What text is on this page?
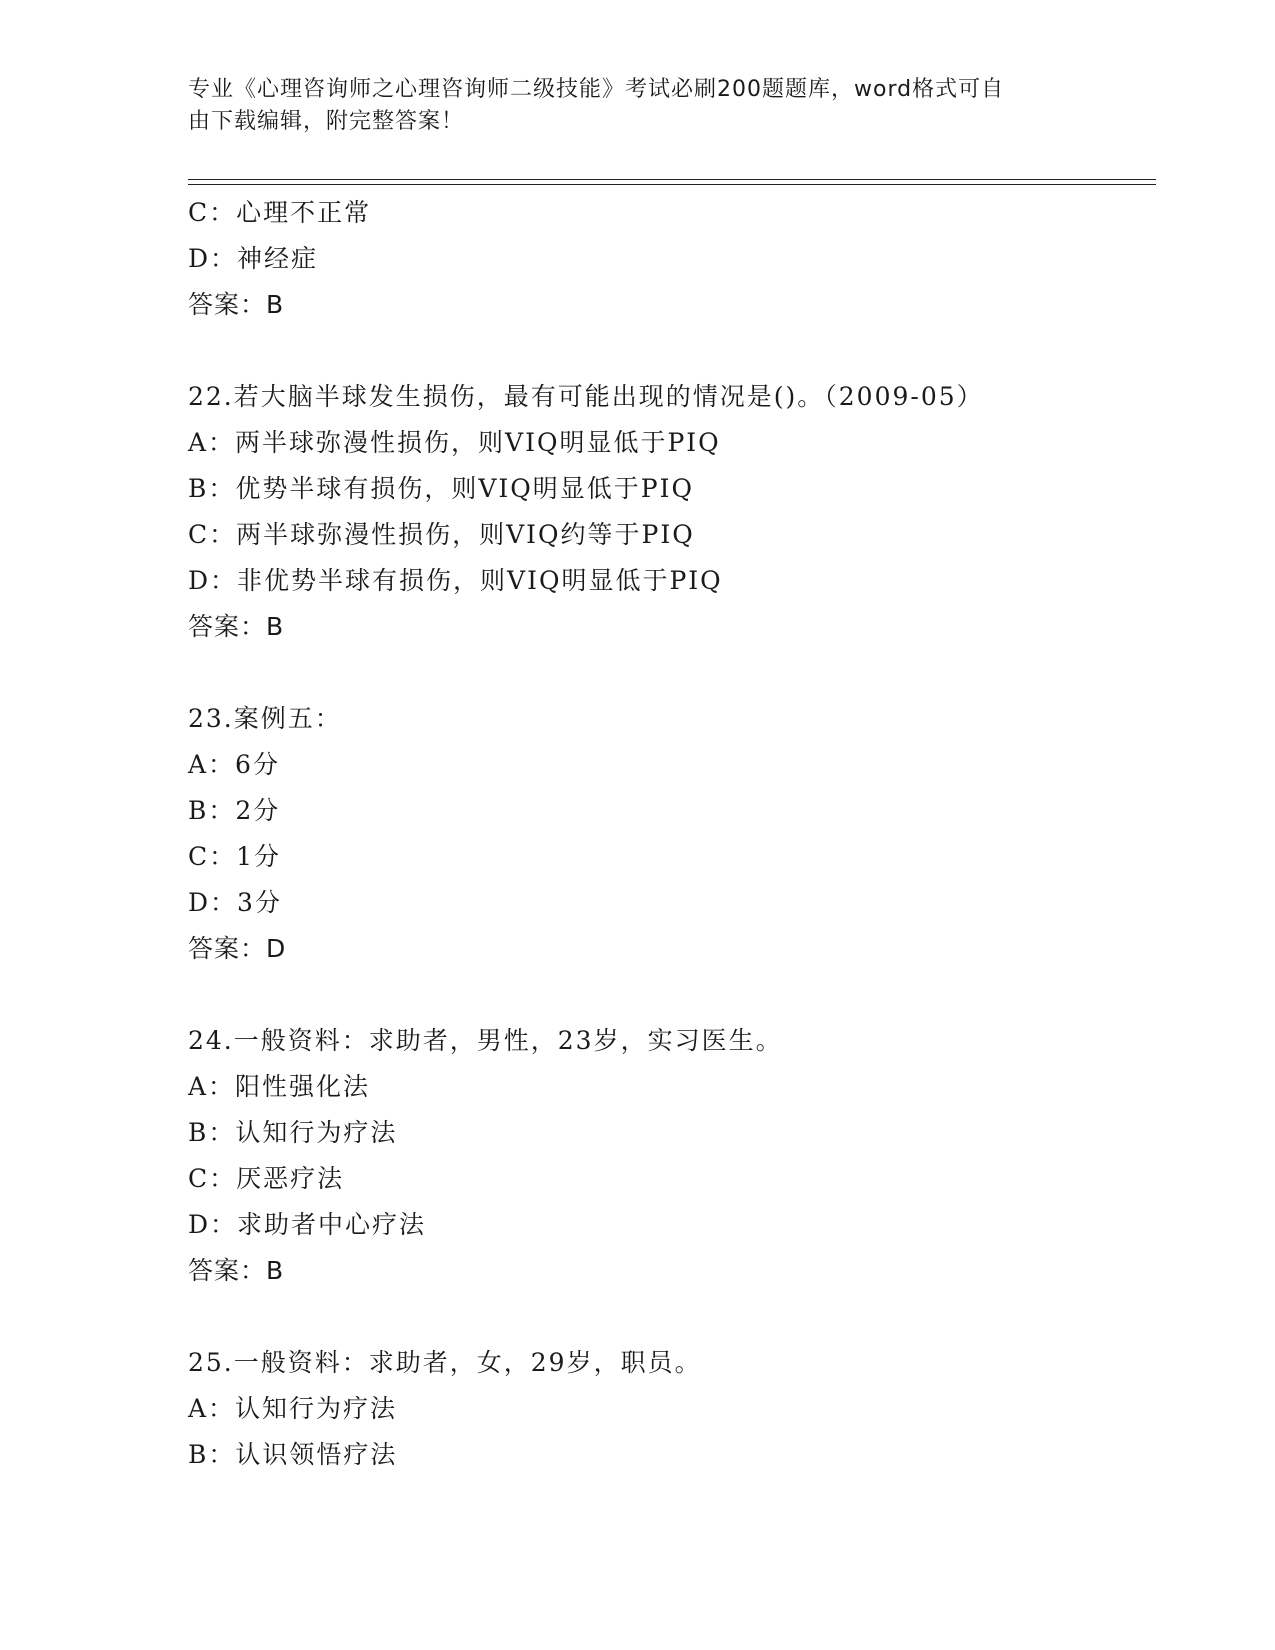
专业《心理咨询师之心理咨询师二级技能》考试必刷200题题库，word格式可自
由下载编辑，附完整答案！
C：心理不正常
D：神经症
答案：B
22.若大脑半球发生损伤，最有可能出现的情况是()。（2009-05）
A：两半球弥漫性损伤，则VIQ明显低于PIQ
B：优势半球有损伤，则VIQ明显低于PIQ
C：两半球弥漫性损伤，则VIQ约等于PIQ
D：非优势半球有损伤，则VIQ明显低于PIQ
答案：B
23.案例五：
A：6分
B：2分
C：1分
D：3分
答案：D
24.一般资料：求助者，男性，23岁，实习医生。
A：阳性强化法
B：认知行为疗法
C：厌恶疗法
D：求助者中心疗法
答案：B
25.一般资料：求助者，女，29岁，职员。
A：认知行为疗法
B：认识领悟疗法
